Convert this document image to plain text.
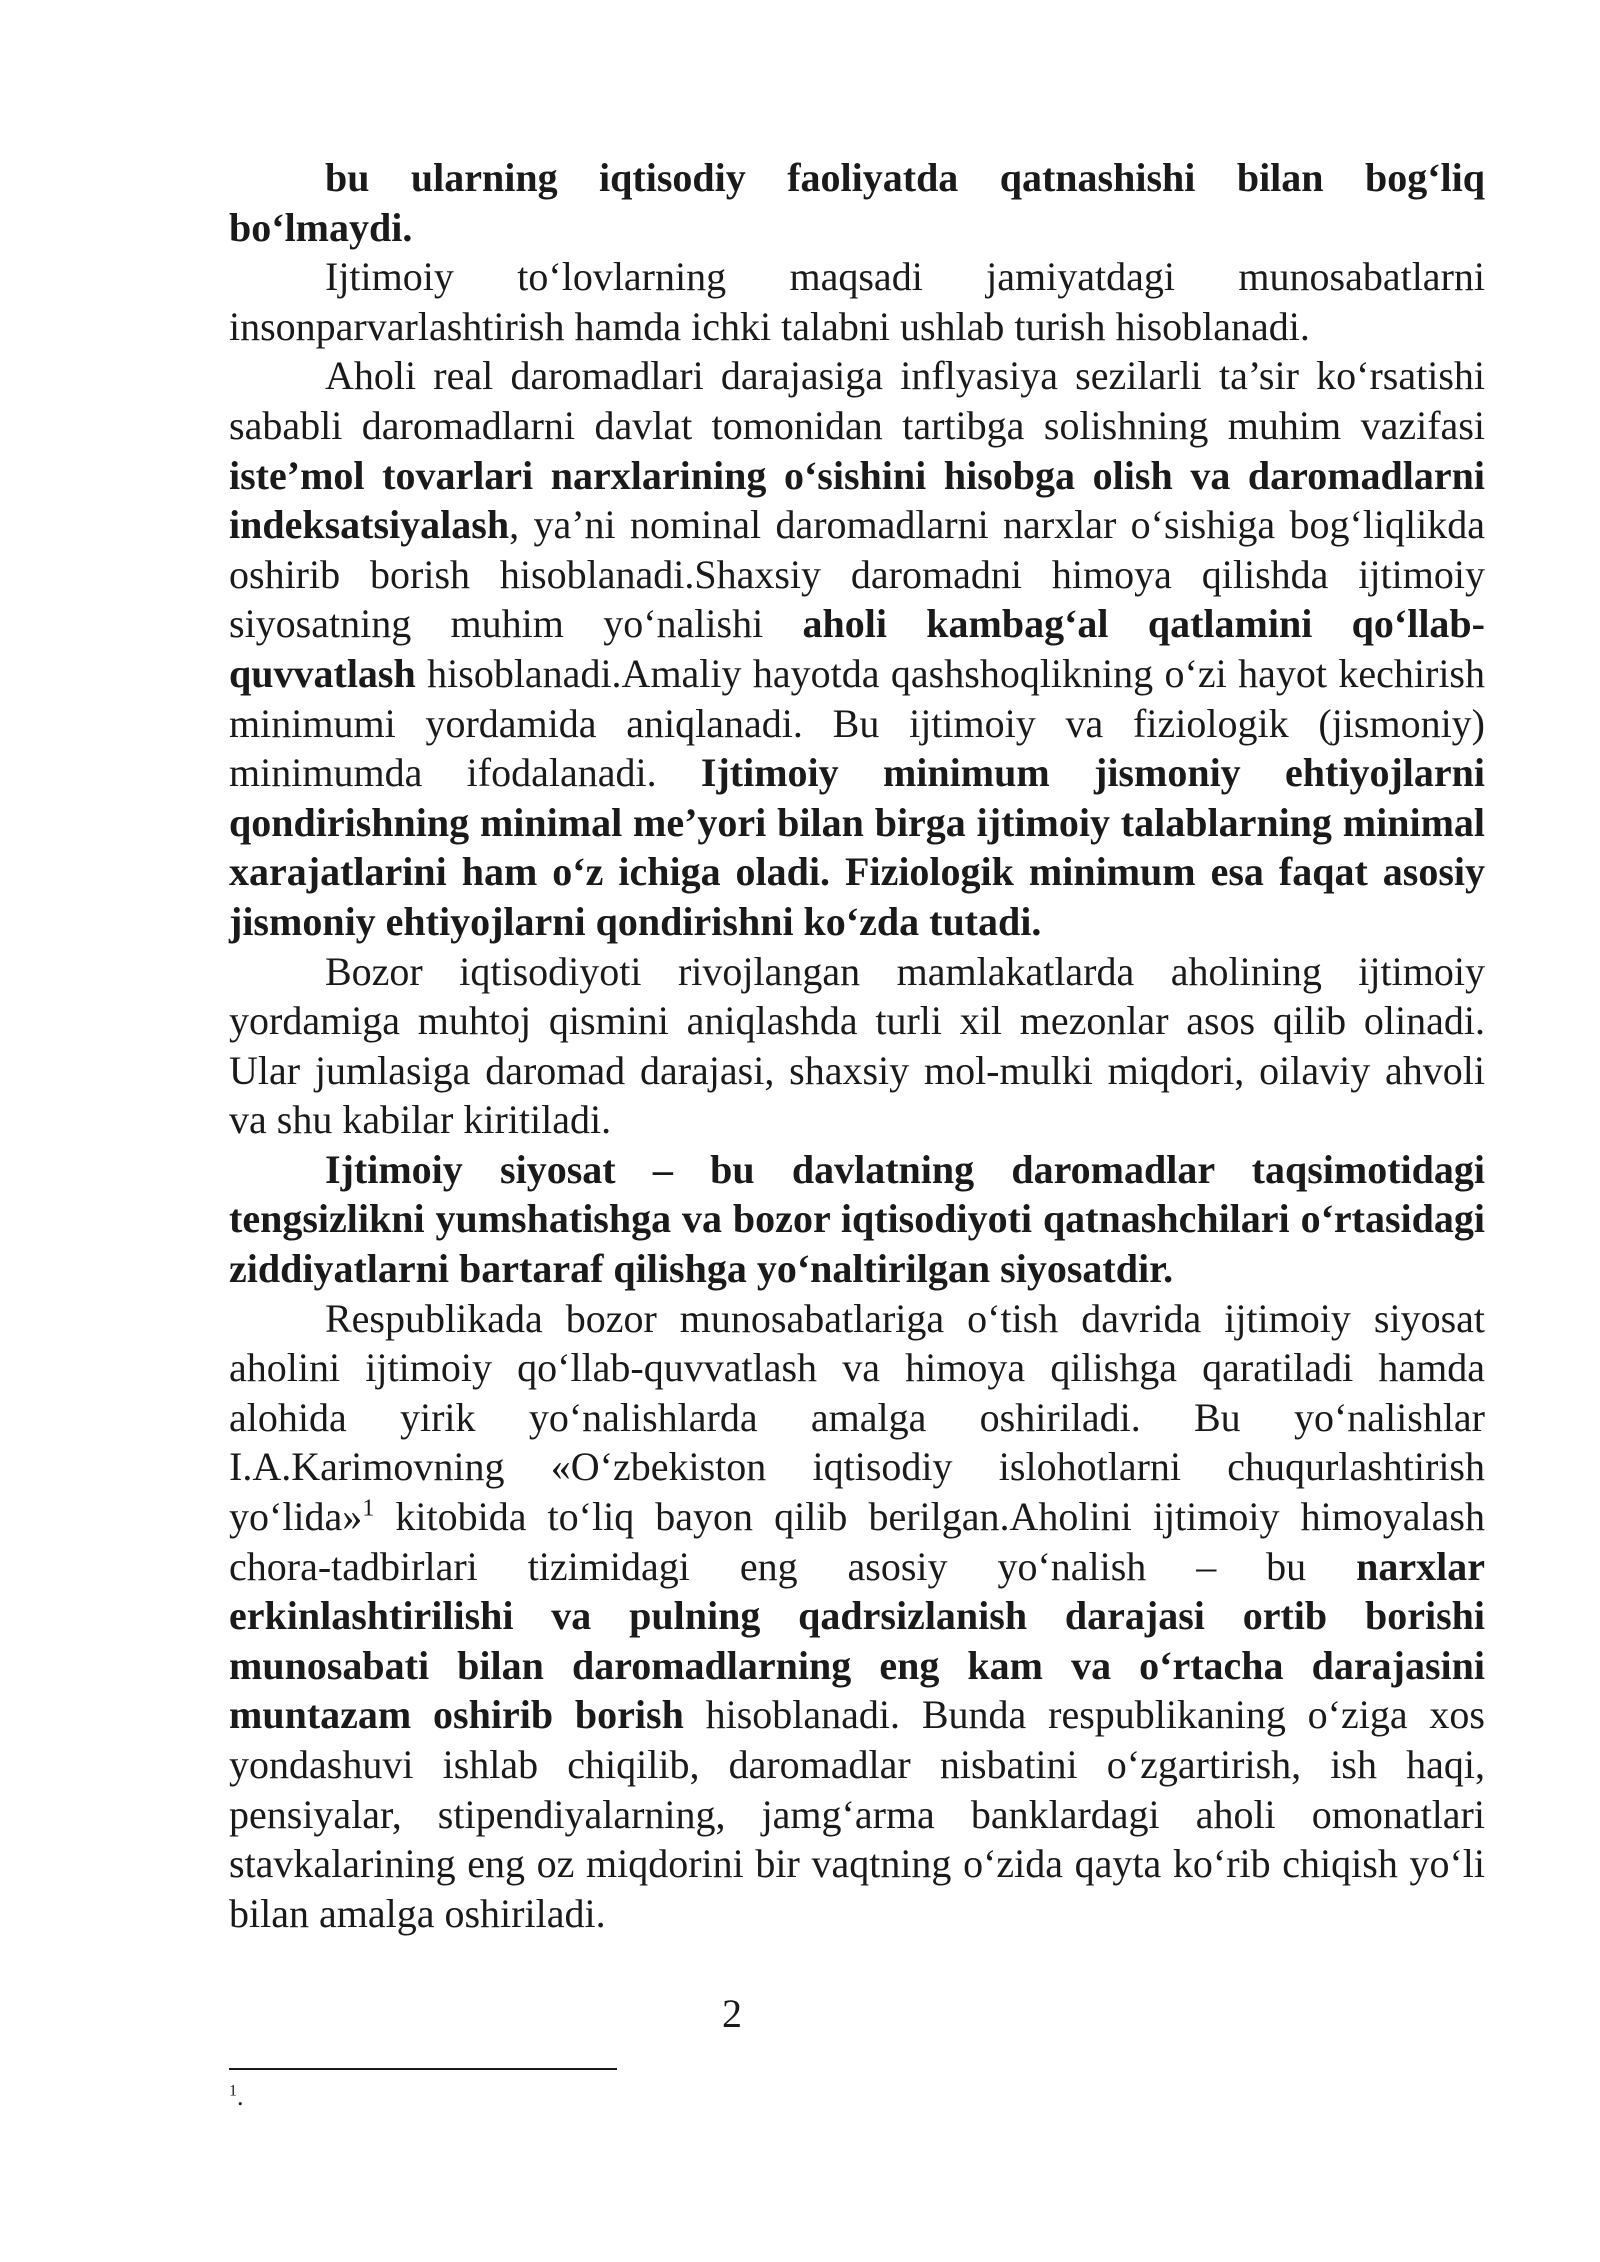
bu ularning iqtisodiy faoliyatda qatnashishi bilan bog‘liq bo‘lmaydi.

Ijtimoiy to‘lovlarning maqsadi jamiyatdagi munosabatlarni insonparvarlashtirish hamda ichki talabni ushlab turish hisoblanadi.

Aholi real daromadlari darajasiga inflyasiya sezilarli ta’sir ko‘rsatishi sababli daromadlarni davlat tomonidan tartibga solishning muhim vazifasi iste’mol tovarlari narxlarining o‘sishini hisobga olish va daromadlarni indeksatsiyalash, ya’ni nominal daromadlarni narxlar o‘sishiga bog‘liqlikda oshirib borish hisoblanadi.Shaxsiy daromadni himoya qilishda ijtimoiy siyosatning muhim yo‘nalishi aholi kambag‘al qatlamini qo‘llab-quvvatlash hisoblanadi.Amaliy hayotda qashshoqlikning o‘zi hayot kechirish minimumi yordamida aniqlanadi. Bu ijtimoiy va fiziologik (jismoniy) minimumda ifodalanadi. Ijtimoiy minimum jismoniy ehtiyojlarni qondirishning minimal me’yori bilan birga ijtimoiy talablarning minimal xarajatlarini ham o‘z ichiga oladi. Fiziologik minimum esa faqat asosiy jismoniy ehtiyojlarni qondirishni ko‘zda tutadi.

Bozor iqtisodiyoti rivojlangan mamlakatlarda aholining ijtimoiy yordamiga muhtoj qismini aniqlashda turli xil mezonlar asos qilib olinadi. Ular jumlasiga daromad darajasi, shaxsiy mol-mulki miqdori, oilaviy ahvoli va shu kabilar kiritiladi.

Ijtimoiy siyosat – bu davlatning daromadlar taqsimotidagi tengsizlikni yumshatishga va bozor iqtisodiyoti qatnashchilari o‘rtasidagi ziddiyatlarni bartaraf qilishga yo‘naltirilgan siyosatdir.

Respublikada bozor munosabatlariga o‘tish davrida ijtimoiy siyosat aholini ijtimoiy qo‘llab-quvvatlash va himoya qilishga qaratiladi hamda alohida yirik yo‘nalishlarda amalga oshiriladi. Bu yo‘nalishlar I.A.Karimovning «O‘zbekiston iqtisodiy islohotlarni chuqurlashtirish yo‘lida»$^1$ kitobida to‘liq bayon qilib berilgan.Aholini ijtimoiy himoyalash chora-tadbirlari tizimidagi eng asosiy yo‘nalish – bu narxlar erkinlashtirilishi va pulning qadrsizlanish darajasi ortib borishi munosabati bilan daromadlarning eng kam va o‘rtacha darajasini muntazam oshirib borish hisoblanadi. Bunda respublikaning o‘ziga xos yondashuvi ishlab chiqilib, daromadlar nisbatini o‘zgartirish, ish haqi, pensiyalar, stipendiyalarning, jamg‘arma banklardagi aholi omonatlari stavkalarining eng oz miqdorini bir vaqtning o‘zida qayta ko‘rib chiqish yo‘li bilan amalga oshiriladi.

2
$^1$.
